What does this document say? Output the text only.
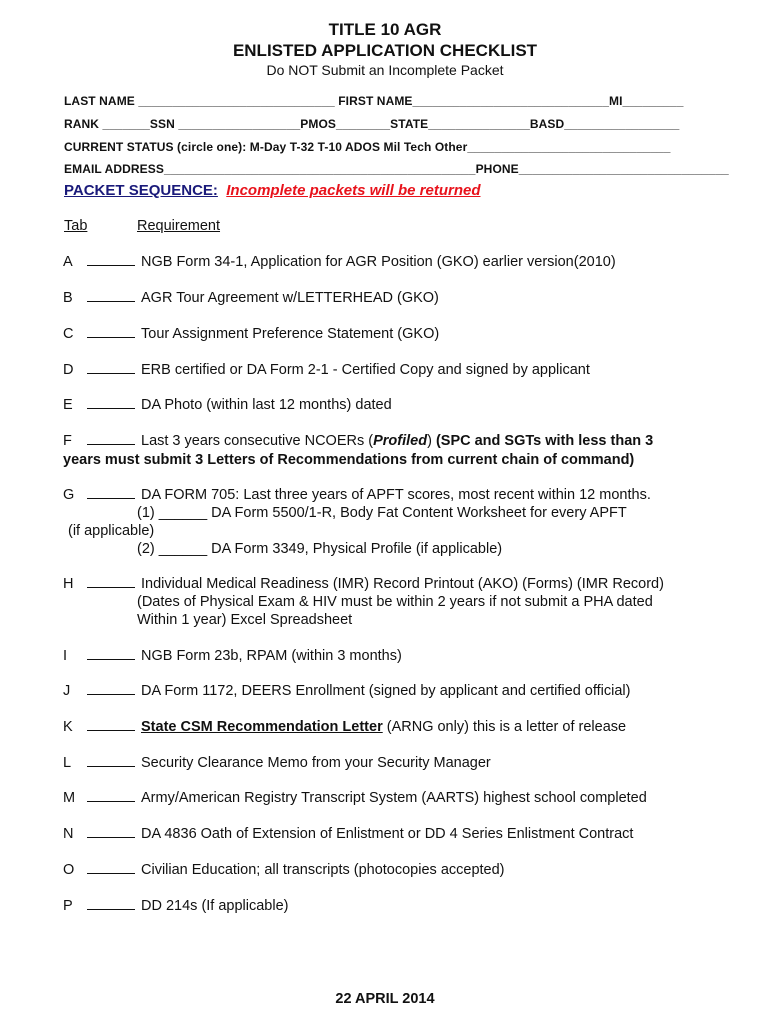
TITLE 10 AGR
ENLISTED APPLICATION CHECKLIST
Do NOT Submit an Incomplete Packet
LAST NAME _____________________________ FIRST NAME_____________________________MI_________
RANK _______SSN __________________PMOS________STATE_______________BASD_________________
CURRENT STATUS (circle one): M-Day T-32 T-10 ADOS Mil Tech Other______________________________
EMAIL ADDRESS______________________________________________PHONE_______________________________
PACKET SEQUENCE: Incomplete packets will be returned
Tab	Requirement
A	NGB Form 34-1, Application for AGR Position (GKO) earlier version(2010)
B	AGR Tour Agreement w/LETTERHEAD (GKO)
C	Tour Assignment Preference Statement (GKO)
D	ERB certified or DA Form 2-1 - Certified Copy and signed by applicant
E	DA Photo (within last 12 months) dated
F	Last 3 years consecutive NCOERs (Profiled) (SPC and SGTs with less than 3
years must submit 3 Letters of Recommendations from current chain of command)
G	DA FORM 705: Last three years of APFT scores, most recent within 12 months.
(1) ______ DA Form 5500/1-R, Body Fat Content Worksheet for every APFT
(if applicable)
(2) ______ DA Form 3349, Physical Profile (if applicable)
H	Individual Medical Readiness (IMR) Record Printout (AKO) (Forms) (IMR Record)
(Dates of Physical Exam & HIV must be within 2 years if not submit a PHA dated
Within 1 year) Excel Spreadsheet
I	NGB Form 23b, RPAM (within 3 months)
J	DA Form 1172, DEERS Enrollment (signed by applicant and certified official)
K	State CSM Recommendation Letter (ARNG only) this is a letter of release
L	Security Clearance Memo from your Security Manager
M	Army/American Registry Transcript System (AARTS) highest school completed
N	DA 4836 Oath of Extension of Enlistment or DD 4 Series Enlistment Contract
O	Civilian Education; all transcripts (photocopies accepted)
P	DD 214s (If applicable)
22 APRIL 2014
